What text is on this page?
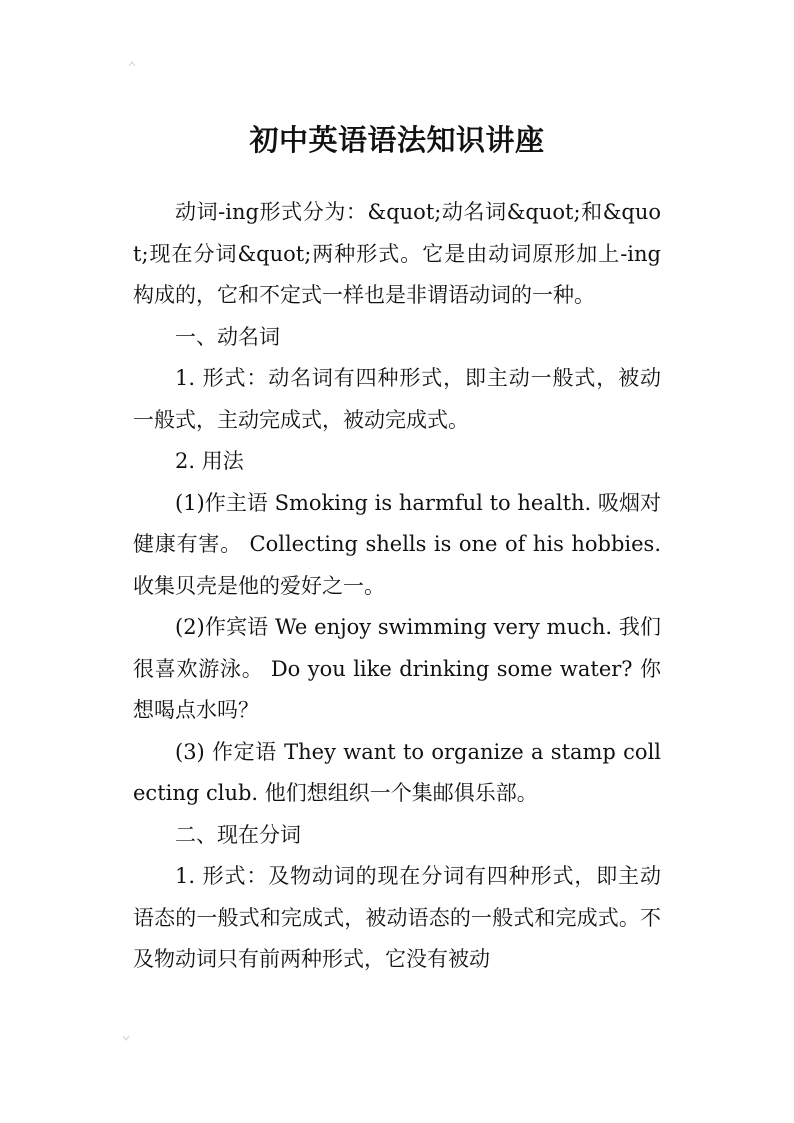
初中英语语法知识讲座

动词-ing形式分为：&quot;动名词&quot;和&quot;现在分词&quot;两种形式。它是由动词原形加上-ing构成的，它和不定式一样也是非谓语动词的一种。

一、动名词

1. 形式：动名词有四种形式，即主动一般式，被动一般式，主动完成式，被动完成式。

2. 用法

(1)作主语 Smoking is harmful to health. 吸烟对健康有害。 Collecting shells is one of his hobbies. 收集贝壳是他的爱好之一。

(2)作宾语 We enjoy swimming very much. 我们很喜欢游泳。 Do you like drinking some water? 你想喝点水吗？

(3) 作定语 They want to organize a stamp collecting club. 他们想组织一个集邮俱乐部。

二、现在分词

1. 形式：及物动词的现在分词有四种形式，即主动语态的一般式和完成式，被动语态的一般式和完成式。不及物动词只有前两种形式，它没有被动
